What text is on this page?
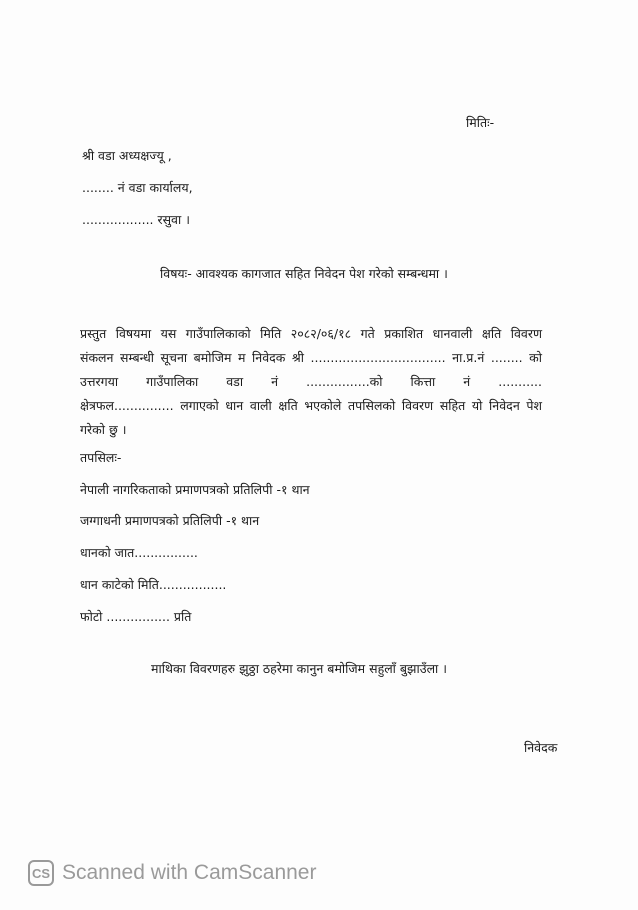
मितिः-
श्री वडा अध्यक्षज्यू ,
........ नं वडा कार्यालय,
.................. रसुवा ।
विषयः- आवश्यक कागजात सहित निवेदन पेश गरेको सम्बन्धमा ।
प्रस्तुत विषयमा यस गाउँपालिकाको मिति २०८२/०६/१८ गते प्रकाशित धानवाली क्षति विवरण
संकलन सम्बन्धी सूचना बमोजिम म निवेदक श्री .................................. ना.प्र.नं ........ को
उत्तरगया गाउँपालिका वडा नं ................को कित्ता नं ...........
क्षेत्रफल............... लगाएको धान वाली क्षति भएकोले तपसिलको विवरण सहित यो निवेदन पेश
गरेको छु ।
तपसिलः-
नेपाली नागरिकताको प्रमाणपत्रको प्रतिलिपी -१ थान
जग्गाधनी प्रमाणपत्रको प्रतिलिपी -१ थान
धानको जात................
धान काटेको मिति.................
फोटो ................ प्रति
माथिका विवरणहरु झुठ्ठा ठहरेमा कानुन बमोजिम सहुलाँ बुझाउँला ।
निवेदक
CS Scanned with CamScanner
